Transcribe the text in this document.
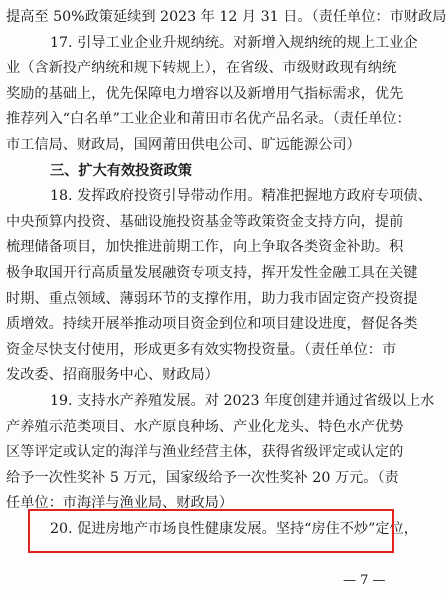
提高至 50%政策延续到 2023 年 12 月 31 日。（责任单位：市财政局
17. 引导工业企业升规纳统。对新增入规纳统的规上工业企
业（含新投产纳统和规下转规上），在省级、市级财政现有纳统
奖励的基础上，优先保障电力增容以及新增用气指标需求，优先
推荐列入“白名单”工业企业和莆田市名优产品名录。（责任单位：
市工信局、财政局，国网莆田供电公司、旷远能源公司）
三、扩大有效投资政策
18. 发挥政府投资引导带动作用。精准把握地方政府专项债、
中央预算内投资、基础设施投资基金等政策资金支持方向，提前
梳理储备项目，加快推进前期工作，向上争取各类资金补助。积
极争取国开行高质量发展融资专项支持，挥开发性金融工具在关键
时期、重点领域、薄弱环节的支撑作用，助力我市固定资产投资提
质增效。持续开展举推动项目资金到位和项目建设进度，督促各类
资金尽快支付使用，形成更多有效实物投资量。（责任单位：市
发改委、招商服务中心、财政局）
19. 支持水产养殖发展。对 2023 年度创建并通过省级以上水
产养殖示范类项目、水产原良种场、产业化龙头、特色水产优势
区等评定或认定的海洋与渔业经营主体，获得省级评定或认定的
给予一次性奖补 5 万元，国家级给予一次性奖补 20 万元。（责
任单位：市海洋与渔业局、财政局）
20. 促进房地产市场良性健康发展。坚持“房住不炒”定位，
— 7 —
